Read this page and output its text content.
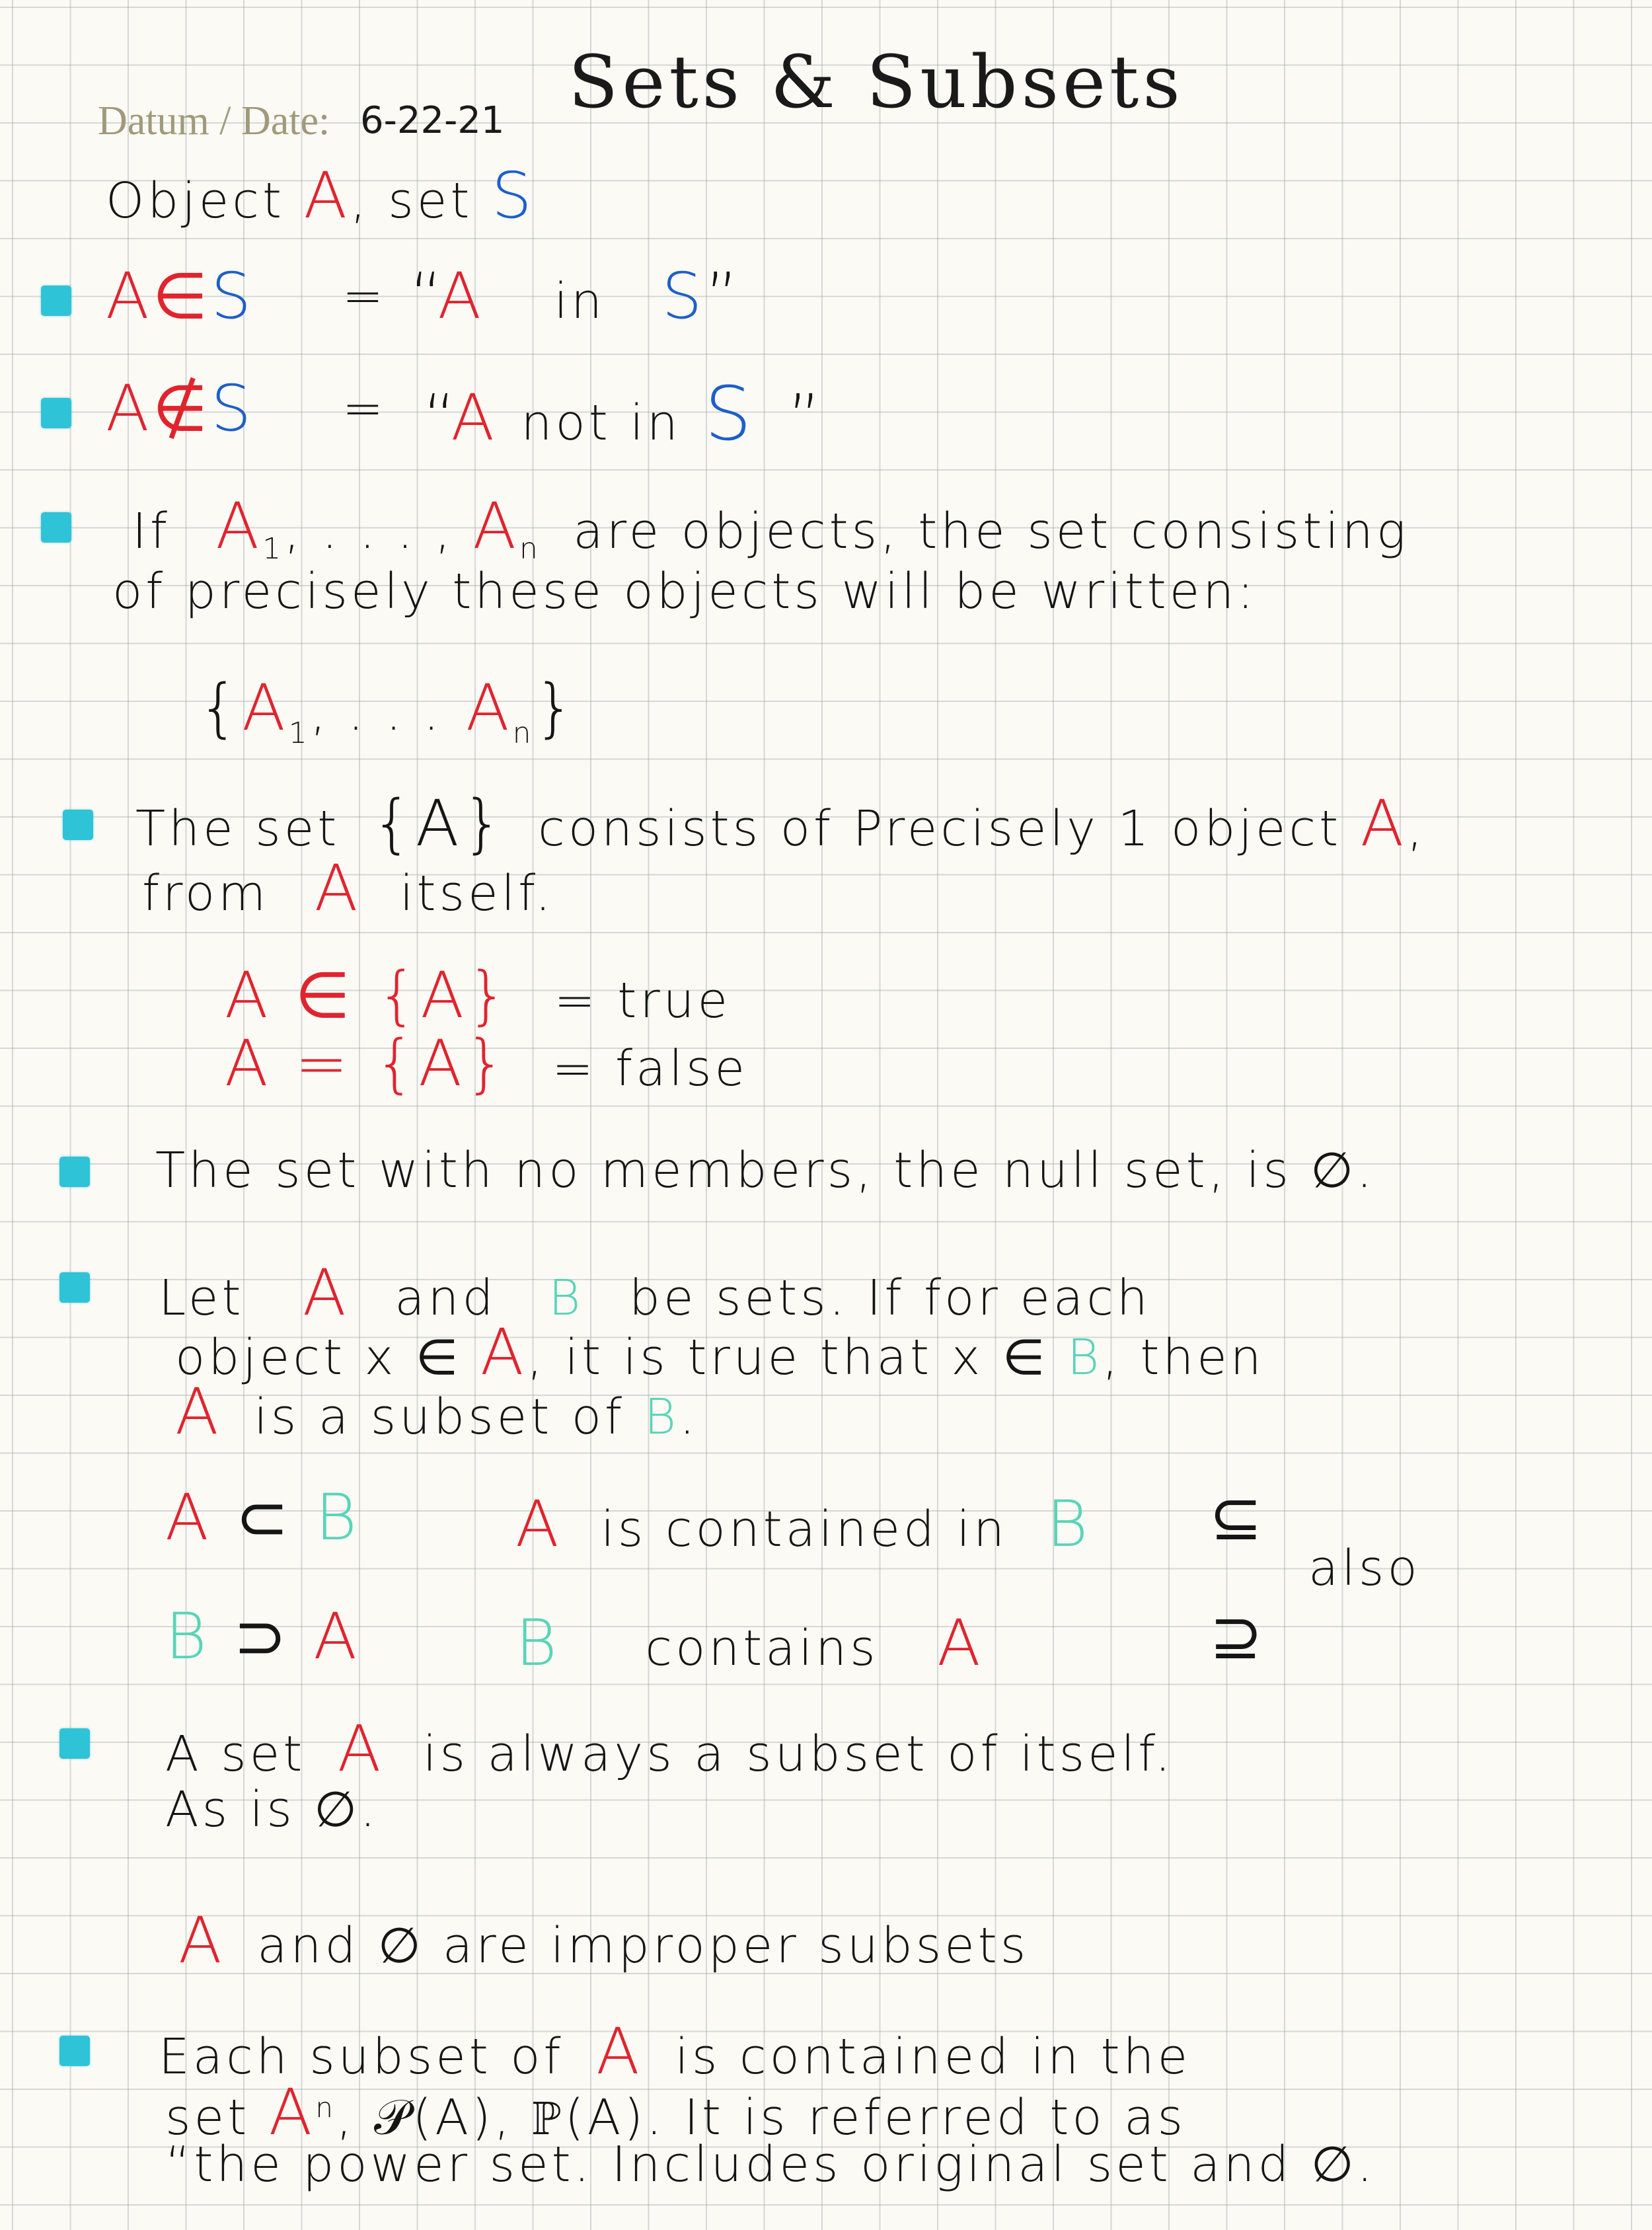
Datum / Date: 6-22-21 Sets & Subsets
Object A, set S
A∈S = “A in S”
A∉S = “A not in S ”
If $A_1$, . . . , $A_n$ are objects, the set consisting
of precisely these objects will be written:
{$A_1$, . . . $A_n$}
The set {A} consists of Precisely 1 object A,
from A itself.
A ∈ {A} = true
A = {A} = false
The set with no members, the null set, is ∅.
Let A and B be sets. If for each
object x ∈ A, it is true that x ∈ B, then
A is a subset of B.
A ⊂ B A is contained in B ⊆
also
B ⊃ A B contains A	⊇
A set A is always a subset of itself.
As is ∅.
A and ∅ are improper subsets
Each subset of A is contained in the
set $A^n$, 𝒫(A), ℙ(A). It is referred to as
“the power set. Includes original set and ∅.
